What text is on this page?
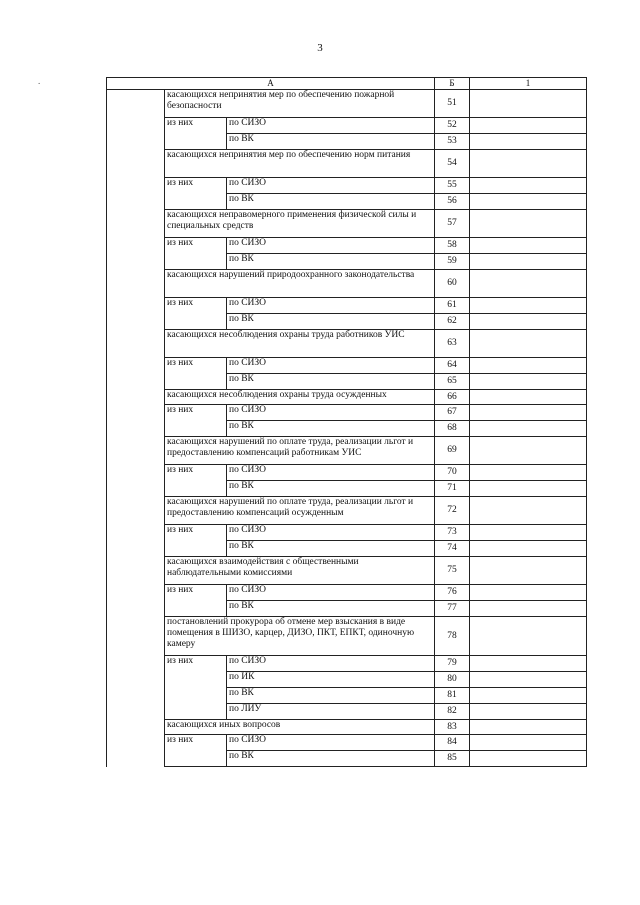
3
.	А			Б	1
	касающихся непринятия мер по обеспечению пожарной безопасности		51	
	из них	по СИЗО	52	
		по ВК	53	
	касающихся непринятия мер по обеспечению норм питания		54	
	из них	по СИЗО	55	
		по ВК	56	
	касающихся неправомерного применения физической силы и специальных средств		57	
	из них	по СИЗО	58	
		по ВК	59	
	касающихся нарушений природоохранного законодательства		60	
	из них	по СИЗО	61	
		по ВК	62	
	касающихся несоблюдения охраны труда работников УИС		63	
	из них	по СИЗО	64	
		по ВК	65	
	касающихся несоблюдения охраны труда осужденных		66	
	из них	по СИЗО	67	
		по ВК	68	
	касающихся нарушений по оплате труда, реализации льгот и предоставлению компенсаций работникам УИС		69	
	из них	по СИЗО	70	
		по ВК	71	
	касающихся нарушений по оплате труда, реализации льгот и предоставлению компенсаций осужденным		72	
	из них	по СИЗО	73	
		по ВК	74	
	касающихся взаимодействия с общественными наблюдательными комиссиями		75	
	из них	по СИЗО	76	
		по ВК	77	
	постановлений прокурора об отмене мер взыскания в виде помещения в ШИЗО, карцер, ДИЗО, ПКТ, ЕПКТ, одиночную камеру		78	
	из них	по СИЗО	79	
		по ИК	80	
		по ВК	81	
		по ЛИУ	82	
	касающихся иных вопросов		83	
	из них	по СИЗО	84	
		по ВК	85	
